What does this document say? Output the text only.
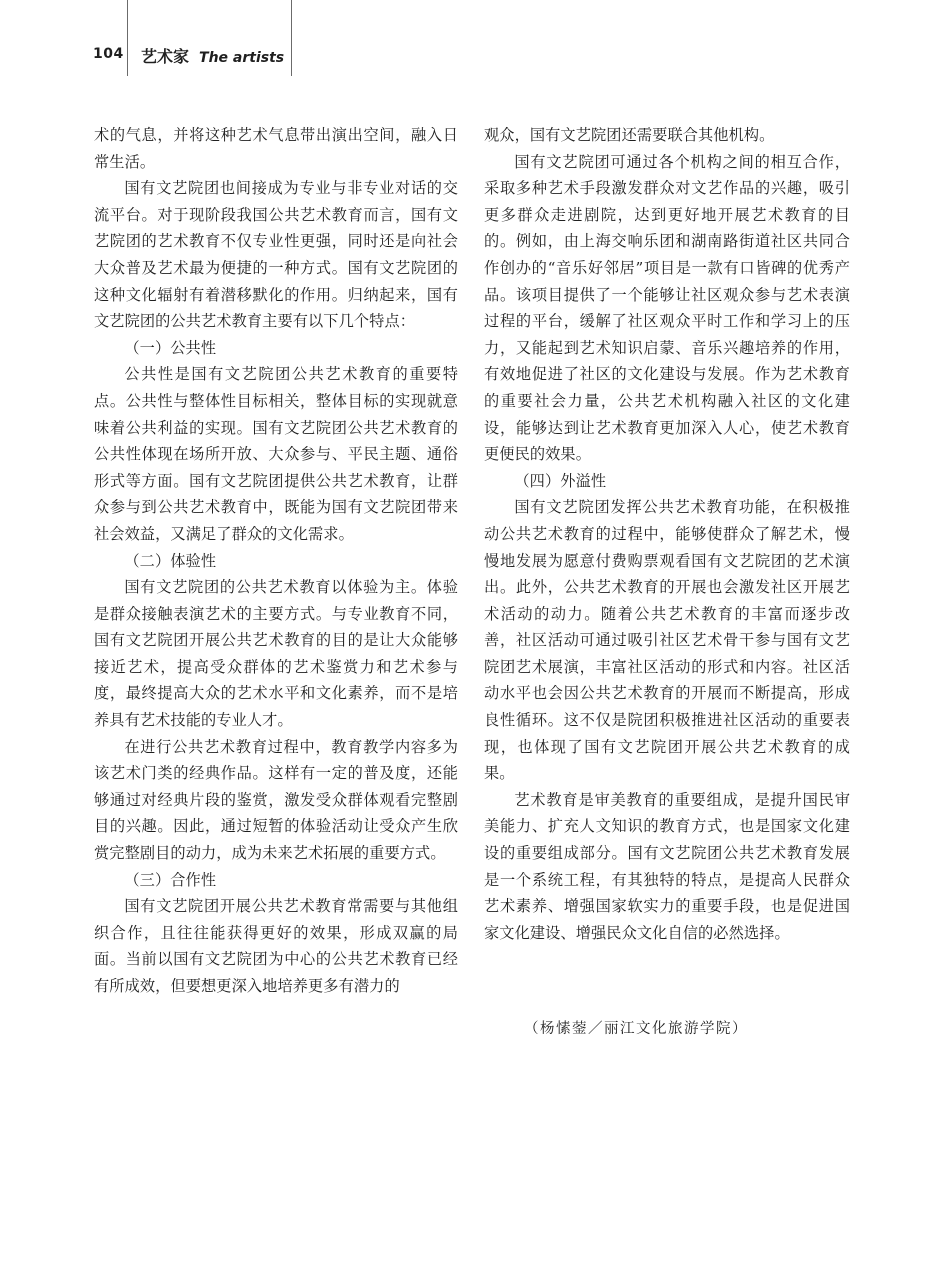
104 艺术家 The artists

术的气息，并将这种艺术气息带出演出空间，融入日常生活。

国有文艺院团也间接成为专业与非专业对话的交流平台。对于现阶段我国公共艺术教育而言，国有文艺院团的艺术教育不仅专业性更强，同时还是向社会大众普及艺术最为便捷的一种方式。国有文艺院团的这种文化辐射有着潜移默化的作用。归纳起来，国有文艺院团的公共艺术教育主要有以下几个特点：

（一）公共性

公共性是国有文艺院团公共艺术教育的重要特点。公共性与整体性目标相关，整体目标的实现就意味着公共利益的实现。国有文艺院团公共艺术教育的公共性体现在场所开放、大众参与、平民主题、通俗形式等方面。国有文艺院团提供公共艺术教育，让群众参与到公共艺术教育中，既能为国有文艺院团带来社会效益，又满足了群众的文化需求。

（二）体验性

国有文艺院团的公共艺术教育以体验为主。体验是群众接触表演艺术的主要方式。与专业教育不同，国有文艺院团开展公共艺术教育的目的是让大众能够接近艺术，提高受众群体的艺术鉴赏力和艺术参与度，最终提高大众的艺术水平和文化素养，而不是培养具有艺术技能的专业人才。

在进行公共艺术教育过程中，教育教学内容多为该艺术门类的经典作品。这样有一定的普及度，还能够通过对经典片段的鉴赏，激发受众群体观看完整剧目的兴趣。因此，通过短暂的体验活动让受众产生欣赏完整剧目的动力，成为未来艺术拓展的重要方式。

（三）合作性

国有文艺院团开展公共艺术教育常需要与其他组织合作，且往往能获得更好的效果，形成双赢的局面。当前以国有文艺院团为中心的公共艺术教育已经有所成效，但要想更深入地培养更多有潜力的

观众，国有文艺院团还需要联合其他机构。

国有文艺院团可通过各个机构之间的相互合作，采取多种艺术手段激发群众对文艺作品的兴趣，吸引更多群众走进剧院，达到更好地开展艺术教育的目的。例如，由上海交响乐团和湖南路街道社区共同合作创办的“音乐好邻居”项目是一款有口皆碑的优秀产品。该项目提供了一个能够让社区观众参与艺术表演过程的平台，缓解了社区观众平时工作和学习上的压力，又能起到艺术知识启蒙、音乐兴趣培养的作用，有效地促进了社区的文化建设与发展。作为艺术教育的重要社会力量，公共艺术机构融入社区的文化建设，能够达到让艺术教育更加深入人心，使艺术教育更便民的效果。

（四）外溢性

国有文艺院团发挥公共艺术教育功能，在积极推动公共艺术教育的过程中，能够使群众了解艺术，慢慢地发展为愿意付费购票观看国有文艺院团的艺术演出。此外，公共艺术教育的开展也会激发社区开展艺术活动的动力。随着公共艺术教育的丰富而逐步改善，社区活动可通过吸引社区艺术骨干参与国有文艺院团艺术展演，丰富社区活动的形式和内容。社区活动水平也会因公共艺术教育的开展而不断提高，形成良性循环。这不仅是院团积极推进社区活动的重要表现，也体现了国有文艺院团开展公共艺术教育的成果。

艺术教育是审美教育的重要组成，是提升国民审美能力、扩充人文知识的教育方式，也是国家文化建设的重要组成部分。国有文艺院团公共艺术教育发展是一个系统工程，有其独特的特点，是提高人民群众艺术素养、增强国家软实力的重要手段，也是促进国家文化建设、增强民众文化自信的必然选择。

（杨愫蓥／丽江文化旅游学院）
